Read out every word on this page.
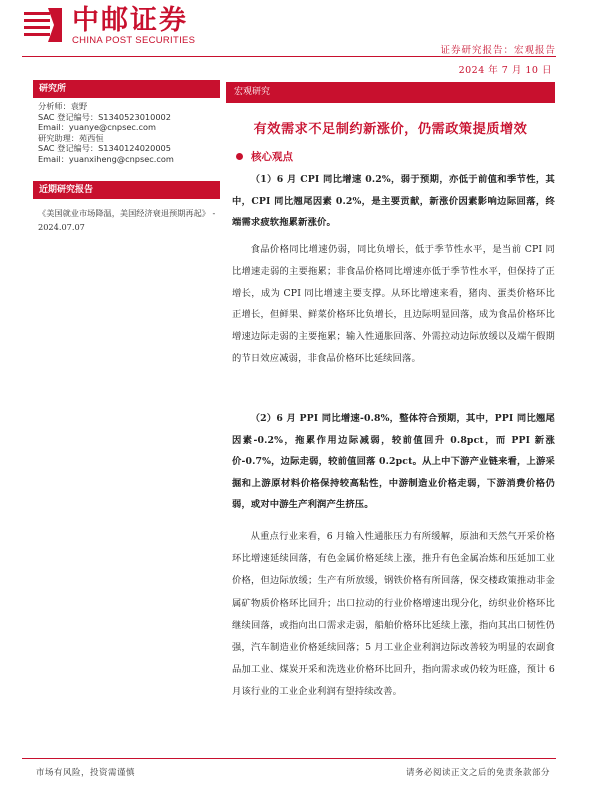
中邮证券
CHINA POST SECURITIES
证券研究报告：宏观报告
2024 年 7 月 10 日
研究所
分析师：袁野
SAC 登记编号：S1340523010002
Email：yuanye@cnpsec.com
研究助理：苑西恒
SAC 登记编号：S1340124020005
Email：yuanxiheng@cnpsec.com
近期研究报告
《美国就业市场降温，美国经济衰退预期再起》 - 2024.07.07
宏观研究
有效需求不足制约新涨价，仍需政策提质增效
核心观点

（1）6 月 CPI 同比增速 0.2%，弱于预期，亦低于前值和季节性，其中，CPI 同比翘尾因素 0.2%，是主要贡献，新涨价因素影响边际回落，终端需求疲软拖累新涨价。

食品价格同比增速仍弱，同比负增长，低于季节性水平，是当前 CPI 同比增速走弱的主要拖累；非食品价格同比增速亦低于季节性水平，但保持了正增长，成为 CPI 同比增速主要支撑。从环比增速来看，猪肉、蛋类价格环比正增长，但鲜果、鲜菜价格环比负增长，且边际明显回落，成为食品价格环比增速边际走弱的主要拖累；输入性通胀回落、外需拉动边际放缓以及端午假期的节日效应减弱，非食品价格环比延续回落。

（2）6 月 PPI 同比增速-0.8%，整体符合预期，其中，PPI 同比翘尾因素-0.2%，拖累作用边际减弱，较前值回升 0.8pct，而 PPI 新涨价-0.7%，边际走弱，较前值回落 0.2pct。从上中下游产业链来看，上游采掘和上游原材料价格保持较高粘性，中游制造业价格走弱，下游消费价格仍弱，或对中游生产利润产生挤压。

从重点行业来看，6 月输入性通胀压力有所缓解，原油和天然气开采价格环比增速延续回落，有色金属价格延续上涨，推升有色金属冶炼和压延加工业价格，但边际放缓；生产有所放缓，钢铁价格有所回落，保交楼政策推动非金属矿物质价格环比回升；出口拉动的行业价格增速出现分化，纺织业价格环比继续回落，或指向出口需求走弱，船舶价格环比延续上涨，指向其出口韧性仍强，汽车制造业价格延续回落；5 月工业企业利润边际改善较为明显的农副食品加工业、煤炭开采和洗选业价格环比回升，指向需求或仍较为旺盛，预计 6 月该行业的工业企业利润有望持续改善。

市场有风险，投资需谨慎	请务必阅读正文之后的免责条款部分
